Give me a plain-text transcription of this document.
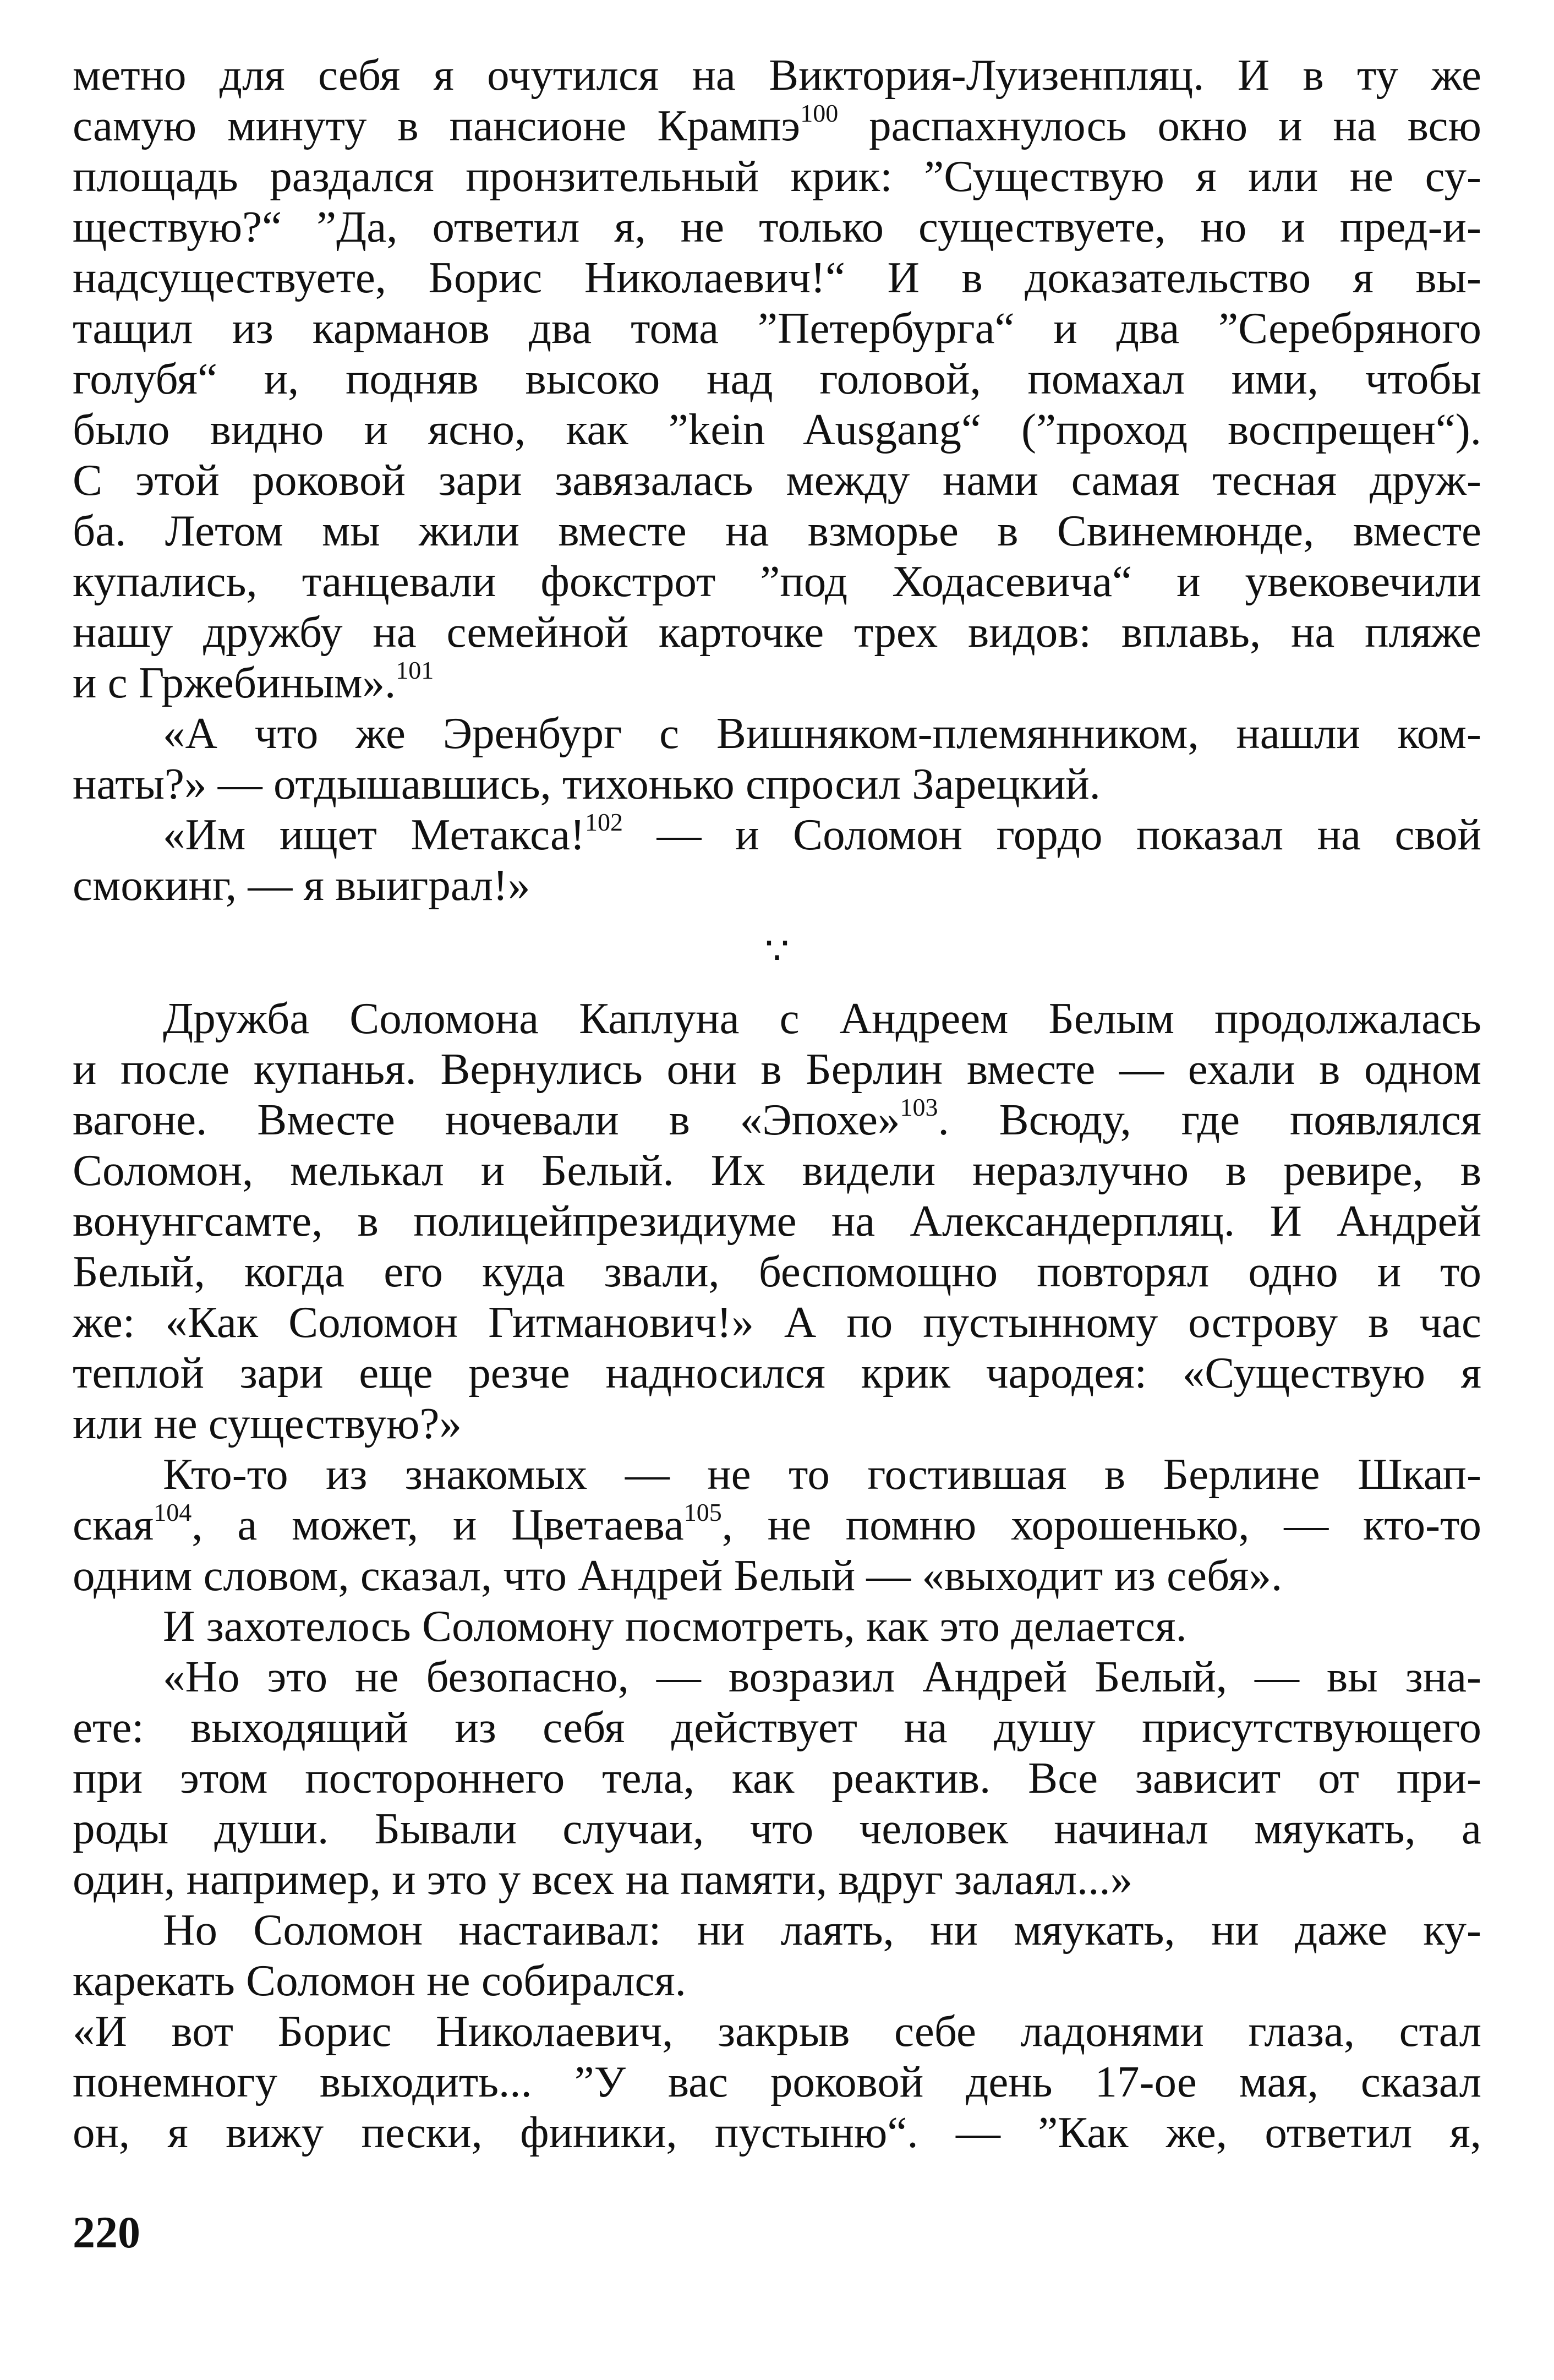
метно для себя я очутился на Виктория-Луизенпляц. И в ту же
самую минуту в пансионе Крампэ$^{100}$ распахнулось окно и на всю
площадь раздался пронзительный крик: ”Существую я или не су-
ществую?“ ”Да, ответил я, не только существуете, но и пред-и-
надсуществуете, Борис Николаевич!“ И в доказательство я вы-
тащил из карманов два тома ”Петербурга“ и два ”Серебряного
голубя“ и, подняв высоко над головой, помахал ими, чтобы
было видно и ясно, как ”kein Ausgang“ (”проход воспрещен“).
С этой роковой зари завязалась между нами самая тесная друж-
ба. Летом мы жили вместе на взморье в Свинемюнде, вместе
купались, танцевали фокстрот ”под Ходасевича“ и увековечили
нашу дружбу на семейной карточке трех видов: вплавь, на пляже
и с Гржебиным».$^{101}$

«А что же Эренбург с Вишняком-племянником, нашли ком-
наты?» — отдышавшись, тихонько спросил Зарецкий.

«Им ищет Метакса!$^{102}$ — и Соломон гордо показал на свой
смокинг, — я выиграл!»

∵

Дружба Соломона Каплуна с Андреем Белым продолжалась
и после купанья. Вернулись они в Берлин вместе — ехали в одном
вагоне. Вместе ночевали в «Эпохе»$^{103}$. Всюду, где появлялся
Соломон, мелькал и Белый. Их видели неразлучно в ревире, в
вонунгсамте, в полицейпрезидиуме на Александерпляц. И Андрей
Белый, когда его куда звали, беспомощно повторял одно и то
же: «Как Соломон Гитманович!» А по пустынному острову в час
теплой зари еще резче надносился крик чародея: «Существую я
или не существую?»

Кто-то из знакомых — не то гостившая в Берлине Шкап-
ская$^{104}$, а может, и Цветаева$^{105}$, не помню хорошенько, — кто-то
одним словом, сказал, что Андрей Белый — «выходит из себя».

И захотелось Соломону посмотреть, как это делается.

«Но это не безопасно, — возразил Андрей Белый, — вы зна-
ете: выходящий из себя действует на душу присутствующего
при этом постороннего тела, как реактив. Все зависит от при-
роды души. Бывали случаи, что человек начинал мяукать, а
один, например, и это у всех на памяти, вдруг залаял...»

Но Соломон настаивал: ни лаять, ни мяукать, ни даже ку-
карекать Соломон не собирался.

«И вот Борис Николаевич, закрыв себе ладонями глаза, стал
понемногу выходить... ”У вас роковой день 17-ое мая, сказал
он, я вижу пески, финики, пустыню“. — ”Как же, ответил я,

220
